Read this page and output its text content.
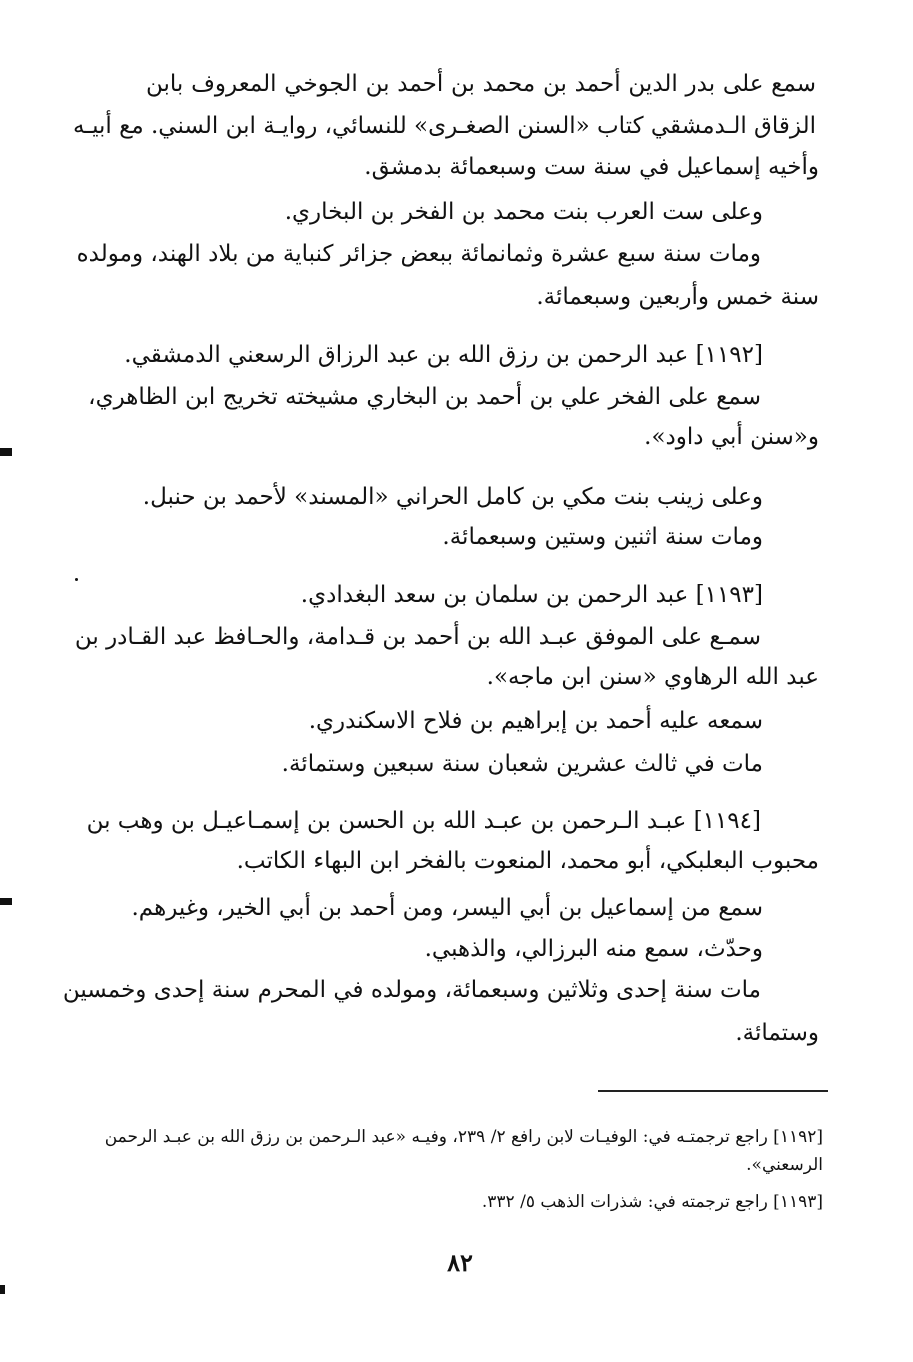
سمع على بدر الدين أحمد بن محمد بن أحمد بن الجوخي المعروف بابن
الزقاق الـدمشقي كتاب «السنن الصغـرى» للنسائي، روايـة ابن السني. مع أبيـه
وأخيه إسماعيل في سنة ست وسبعمائة بدمشق.
وعلى ست العرب بنت محمد بن الفخر بن البخاري.
ومات سنة سبع عشرة وثمانمائة ببعض جزائر كنباية من بلاد الهند، ومولده
سنة خمس وأربعين وسبعمائة.
[١١٩٢] عبد الرحمن بن رزق الله بن عبد الرزاق الرسعني الدمشقي.
سمع على الفخر علي بن أحمد بن البخاري مشيخته تخريج ابن الظاهري،
و«سنن أبي داود».
وعلى زينب بنت مكي بن كامل الحراني «المسند» لأحمد بن حنبل.
ومات سنة اثنين وستين وسبعمائة.
[١١٩٣] عبد الرحمن بن سلمان بن سعد البغدادي.
سمـع على الموفق عبـد الله بن أحمد بن قـدامة، والحـافظ عبد القـادر بن
عبد الله الرهاوي «سنن ابن ماجه».
سمعه عليه أحمد بن إبراهيم بن فلاح الاسكندري.
مات في ثالث عشرين شعبان سنة سبعين وستمائة.
[١١٩٤] عبـد الـرحمن بن عبـد الله بن الحسن بن إسمـاعيـل بن وهب بن
محبوب البعلبكي، أبو محمد، المنعوت بالفخر ابن البهاء الكاتب.
سمع من إسماعيل بن أبي اليسر، ومن أحمد بن أبي الخير، وغيرهم.
وحدّث، سمع منه البرزالي، والذهبي.
مات سنة إحدى وثلاثين وسبعمائة، ومولده في المحرم سنة إحدى وخمسين
وستمائة.
[١١٩٢] راجع ترجمتـه في: الوفيـات لابن رافع ٢/ ٢٣٩، وفيـه «عبد الـرحمن بن رزق الله بن عبـد الرحمن
الرسعني».
[١١٩٣] راجع ترجمته في: شذرات الذهب ٥/ ٣٣٢.
٨٢
